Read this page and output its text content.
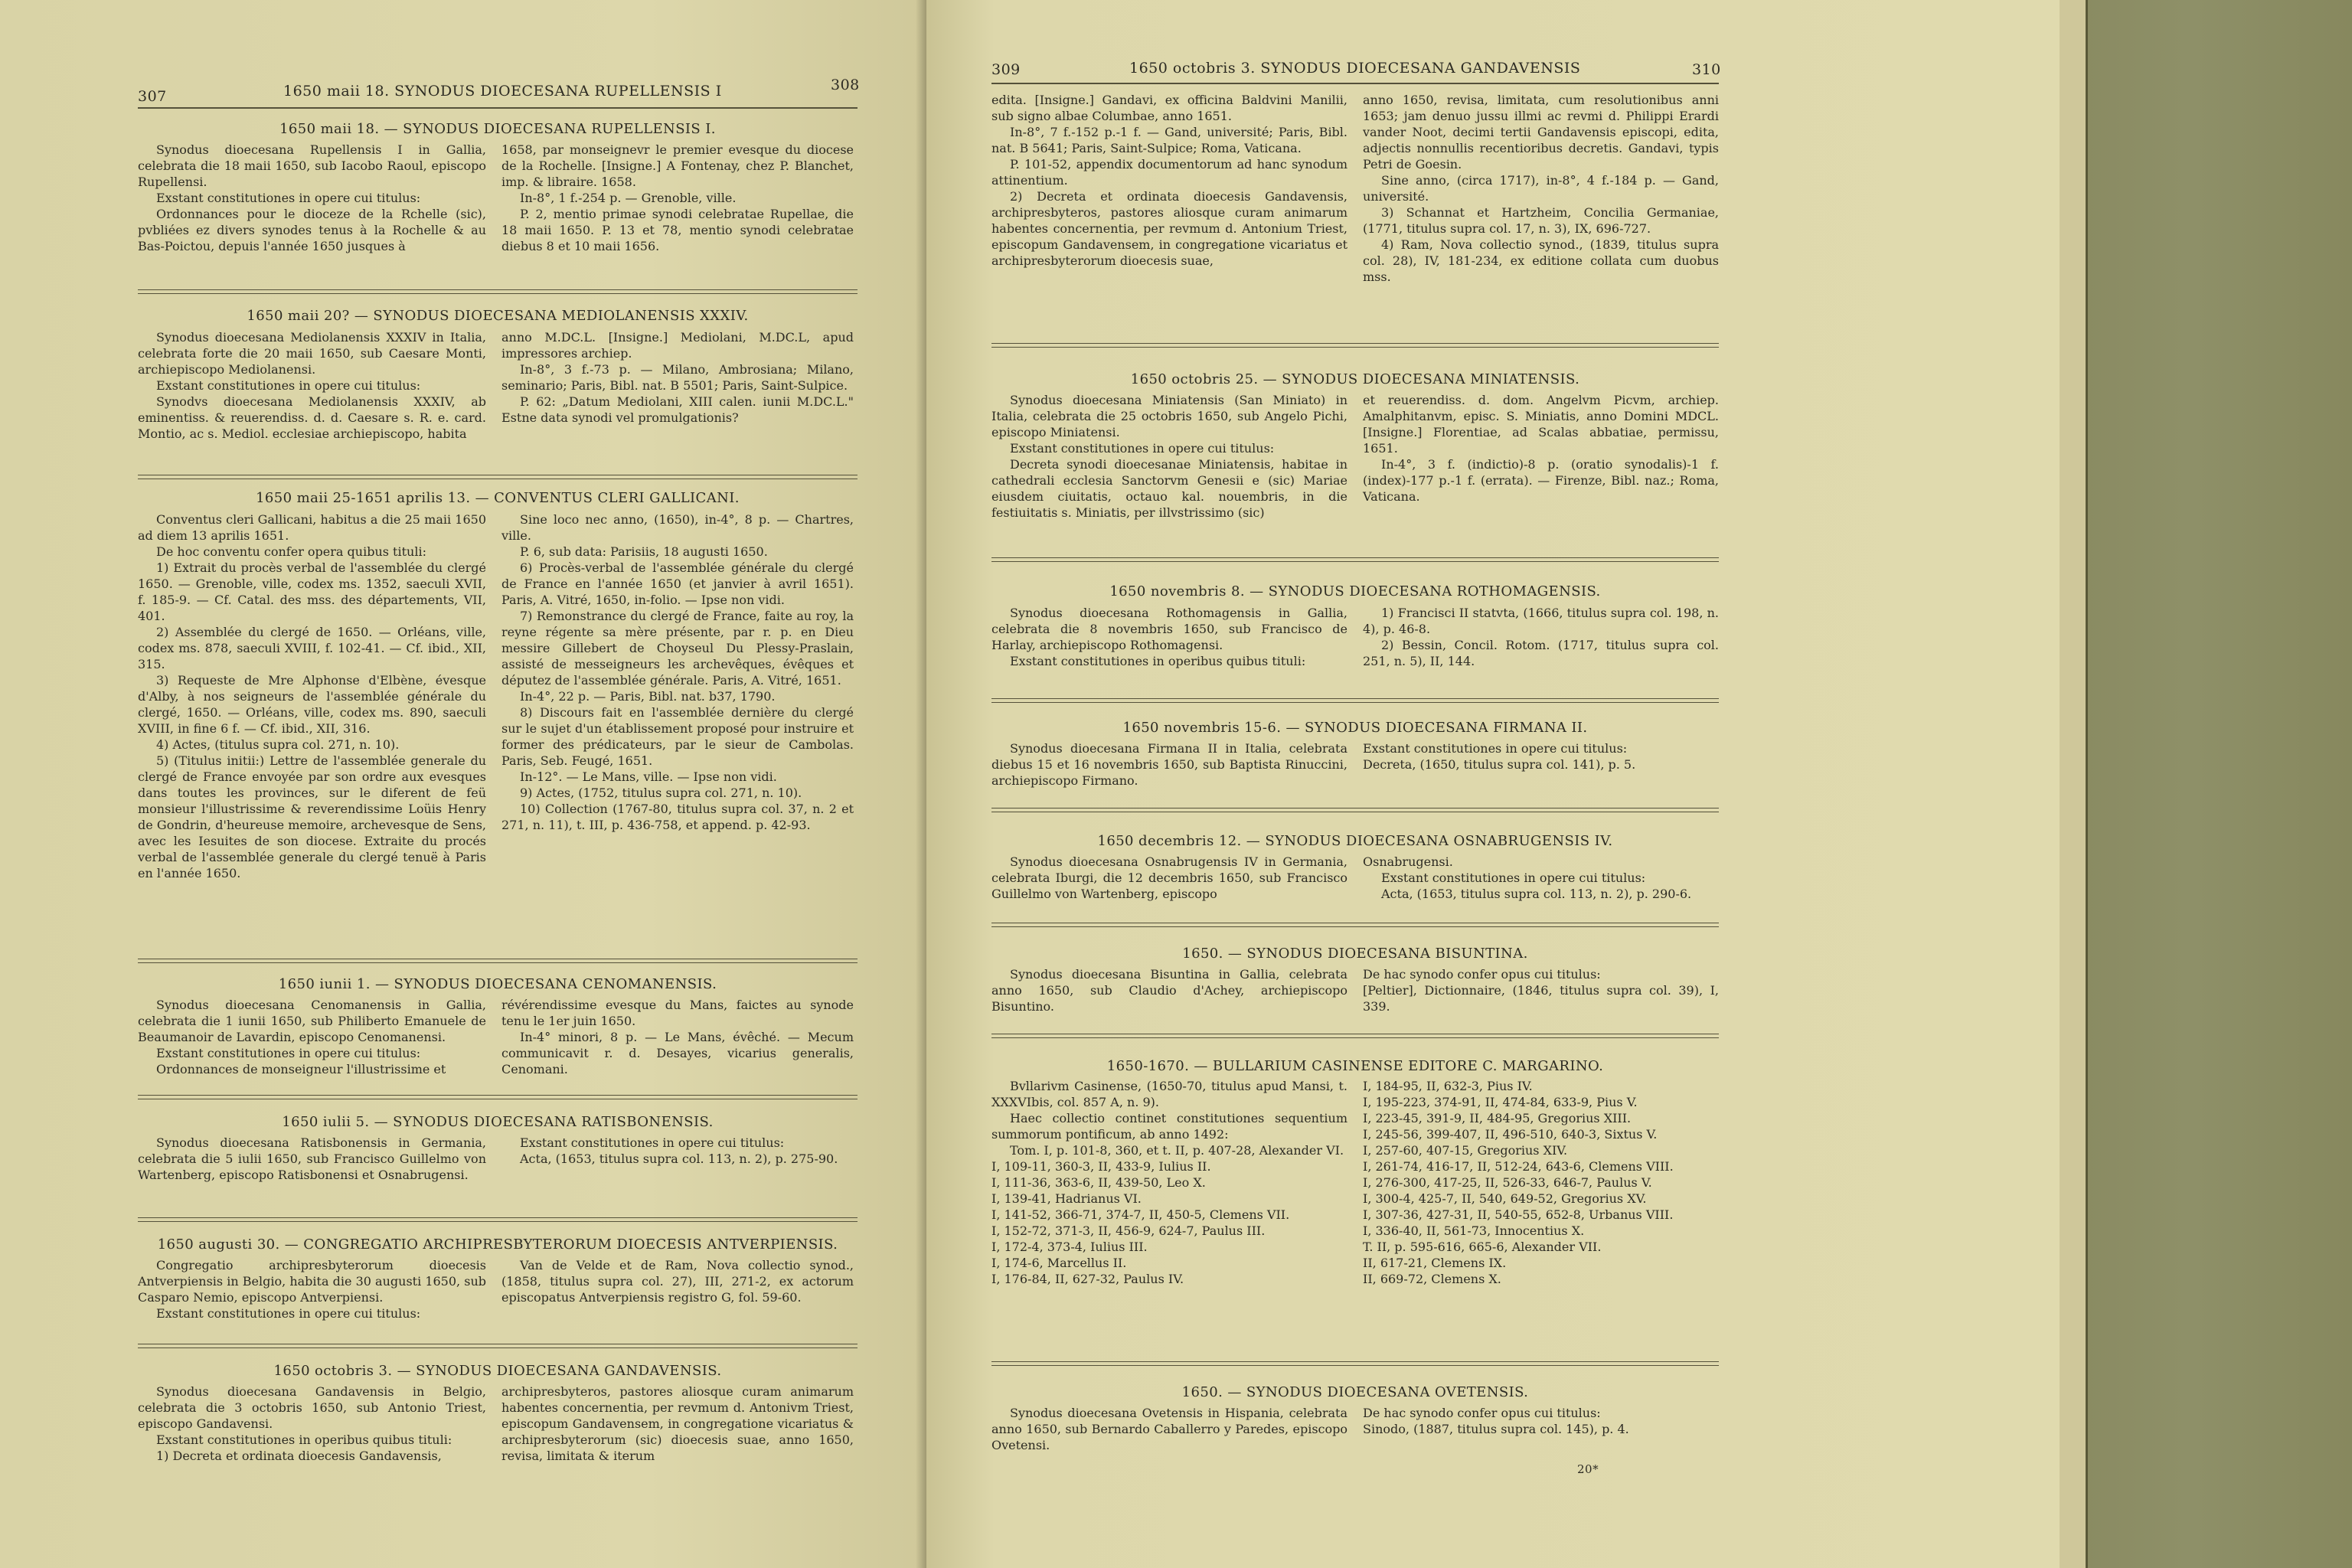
307	1650 maii 18. SYNODUS DIOECESANA RUPELLENSIS I	308
1650 maii 18. — SYNODUS DIOECESANA RUPELLENSIS I.

Synodus dioecesana Rupellensis I in Gallia, celebrata die 18 maii 1650, sub Iacobo Raoul, episcopo Rupellensi.

Exstant constitutiones in opere cui titulus:

Ordonnances pour le dioceze de la Rchelle (sic), pvbliées ez divers synodes tenus à la Rochelle & au Bas-Poictou, depuis l'année 1650 jusques à

1658, par monseignevr le premier evesque du diocese de la Rochelle. [Insigne.] A Fontenay, chez P. Blanchet, imp. & libraire. 1658.

In-8°, 1 f.-254 p. — Grenoble, ville.

P. 2, mentio primae synodi celebratae Rupellae, die 18 maii 1650. P. 13 et 78, mentio synodi celebratae diebus 8 et 10 maii 1656.

1650 maii 20? — SYNODUS DIOECESANA MEDIOLANENSIS XXXIV.

Synodus dioecesana Mediolanensis XXXIV in Italia, celebrata forte die 20 maii 1650, sub Caesare Monti, archiepiscopo Mediolanensi.

Exstant constitutiones in opere cui titulus:

Synodvs dioecesana Mediolanensis XXXIV, ab eminentiss. & reuerendiss. d. d. Caesare s. R. e. card. Montio, ac s. Mediol. ecclesiae archiepiscopo, habita

anno M.DC.L. [Insigne.] Mediolani, M.DC.L, apud impressores archiep.

In-8°, 3 f.-73 p. — Milano, Ambrosiana; Milano, seminario; Paris, Bibl. nat. B 5501; Paris, Saint-Sulpice.

P. 62: „Datum Mediolani, XIII calen. iunii M.DC.L." Estne data synodi vel promulgationis?

1650 maii 25-1651 aprilis 13. — CONVENTUS CLERI GALLICANI.

Conventus cleri Gallicani, habitus a die 25 maii 1650 ad diem 13 aprilis 1651.

De hoc conventu confer opera quibus tituli:

1) Extrait du procès verbal de l'assemblée du clergé 1650. — Grenoble, ville, codex ms. 1352, saeculi XVII, f. 185-9. — Cf. Catal. des mss. des départements, VII, 401.

2) Assemblée du clergé de 1650. — Orléans, ville, codex ms. 878, saeculi XVIII, f. 102-41. — Cf. ibid., XII, 315.

3) Requeste de Mre Alphonse d'Elbène, évesque d'Alby, à nos seigneurs de l'assemblée générale du clergé, 1650. — Orléans, ville, codex ms. 890, saeculi XVIII, in fine 6 f. — Cf. ibid., XII, 316.

4) Actes, (titulus supra col. 271, n. 10).

5) (Titulus initii:) Lettre de l'assemblée generale du clergé de France envoyée par son ordre aux evesques dans toutes les provinces, sur le diferent de feü monsieur l'illustrissime & reverendissime Loüis Henry de Gondrin, d'heureuse memoire, archevesque de Sens, avec les Iesuites de son diocese. Extraite du procés verbal de l'assemblée generale du clergé tenuë à Paris en l'année 1650.

Sine loco nec anno, (1650), in-4°, 8 p. — Chartres, ville.

P. 6, sub data: Parisiis, 18 augusti 1650.

6) Procès-verbal de l'assemblée générale du clergé de France en l'année 1650 (et janvier à avril 1651). Paris, A. Vitré, 1650, in-folio. — Ipse non vidi.

7) Remonstrance du clergé de France, faite au roy, la reyne régente sa mère présente, par r. p. en Dieu messire Gillebert de Choyseul Du Plessy-Praslain, assisté de messeigneurs les archevêques, évêques et députez de l'assemblée générale. Paris, A. Vitré, 1651.

In-4°, 22 p. — Paris, Bibl. nat. b37, 1790.

8) Discours fait en l'assemblée dernière du clergé sur le sujet d'un établissement proposé pour instruire et former des prédicateurs, par le sieur de Cambolas. Paris, Seb. Feugé, 1651.

In-12°. — Le Mans, ville. — Ipse non vidi.

9) Actes, (1752, titulus supra col. 271, n. 10).

10) Collection (1767-80, titulus supra col. 37, n. 2 et 271, n. 11), t. III, p. 436-758, et append. p. 42-93.

1650 iunii 1. — SYNODUS DIOECESANA CENOMANENSIS.

Synodus dioecesana Cenomanensis in Gallia, celebrata die 1 iunii 1650, sub Philiberto Emanuele de Beaumanoir de Lavardin, episcopo Cenomanensi.

Exstant constitutiones in opere cui titulus:

Ordonnances de monseigneur l'illustrissime et

révérendissime evesque du Mans, faictes au synode tenu le 1er juin 1650.

In-4° minori, 8 p. — Le Mans, évêché. — Mecum communicavit r. d. Desayes, vicarius generalis, Cenomani.

1650 iulii 5. — SYNODUS DIOECESANA RATISBONENSIS.

Synodus dioecesana Ratisbonensis in Germania, celebrata die 5 iulii 1650, sub Francisco Guillelmo von Wartenberg, episcopo Ratisbonensi et Osnabrugensi.

Exstant constitutiones in opere cui titulus:

Acta, (1653, titulus supra col. 113, n. 2), p. 275-90.

1650 augusti 30. — CONGREGATIO ARCHIPRESBYTERORUM DIOECESIS ANTVERPIENSIS.

Congregatio archipresbyterorum dioecesis Antverpiensis in Belgio, habita die 30 augusti 1650, sub Casparo Nemio, episcopo Antverpiensi.

Exstant constitutiones in opere cui titulus:

Van de Velde et de Ram, Nova collectio synod., (1858, titulus supra col. 27), III, 271-2, ex actorum episcopatus Antverpiensis registro G, fol. 59-60.

1650 octobris 3. — SYNODUS DIOECESANA GANDAVENSIS.

Synodus dioecesana Gandavensis in Belgio, celebrata die 3 octobris 1650, sub Antonio Triest, episcopo Gandavensi.

Exstant constitutiones in operibus quibus tituli:

1) Decreta et ordinata dioecesis Gandavensis,

archipresbyteros, pastores aliosque curam animarum habentes concernentia, per revmum d. Antonivm Triest, episcopum Gandavensem, in congregatione vicariatus & archipresbyterorum (sic) dioecesis suae, anno 1650, revisa, limitata & iterum

309	1650 octobris 3. SYNODUS DIOECESANA GANDAVENSIS	310

edita. [Insigne.] Gandavi, ex officina Baldvini Manilii, sub signo albae Columbae, anno 1651.

In-8°, 7 f.-152 p.-1 f. — Gand, université; Paris, Bibl. nat. B 5641; Paris, Saint-Sulpice; Roma, Vaticana.

P. 101-52, appendix documentorum ad hanc synodum attinentium.

2) Decreta et ordinata dioecesis Gandavensis, archipresbyteros, pastores aliosque curam animarum habentes concernentia, per revmum d. Antonium Triest, episcopum Gandavensem, in congregatione vicariatus et archipresbyterorum dioecesis suae,

anno 1650, revisa, limitata, cum resolutionibus anni 1653; jam denuo jussu illmi ac revmi d. Philippi Erardi vander Noot, decimi tertii Gandavensis episcopi, edita, adjectis nonnullis recentioribus decretis. Gandavi, typis Petri de Goesin.

Sine anno, (circa 1717), in-8°, 4 f.-184 p. — Gand, université.

3) Schannat et Hartzheim, Concilia Germaniae, (1771, titulus supra col. 17, n. 3), IX, 696-727.

4) Ram, Nova collectio synod., (1839, titulus supra col. 28), IV, 181-234, ex editione collata cum duobus mss.

1650 octobris 25. — SYNODUS DIOECESANA MINIATENSIS.

Synodus dioecesana Miniatensis (San Miniato) in Italia, celebrata die 25 octobris 1650, sub Angelo Pichi, episcopo Miniatensi.

Exstant constitutiones in opere cui titulus:

Decreta synodi dioecesanae Miniatensis, habitae in cathedrali ecclesia Sanctorvm Genesii e (sic) Mariae eiusdem ciuitatis, octauo kal. nouembris, in die festiuitatis s. Miniatis, per illvstrissimo (sic)

et reuerendiss. d. dom. Angelvm Picvm, archiep. Amalphitanvm, episc. S. Miniatis, anno Domini MDCL. [Insigne.] Florentiae, ad Scalas abbatiae, permissu, 1651.

In-4°, 3 f. (indictio)-8 p. (oratio synodalis)-1 f. (index)-177 p.-1 f. (errata). — Firenze, Bibl. naz.; Roma, Vaticana.

1650 novembris 8. — SYNODUS DIOECESANA ROTHOMAGENSIS.

Synodus dioecesana Rothomagensis in Gallia, celebrata die 8 novembris 1650, sub Francisco de Harlay, archiepiscopo Rothomagensi.

Exstant constitutiones in operibus quibus tituli:

1) Francisci II statvta, (1666, titulus supra col. 198, n. 4), p. 46-8.

2) Bessin, Concil. Rotom. (1717, titulus supra col. 251, n. 5), II, 144.

1650 novembris 15-6. — SYNODUS DIOECESANA FIRMANA II.

Synodus dioecesana Firmana II in Italia, celebrata diebus 15 et 16 novembris 1650, sub Baptista Rinuccini, archiepiscopo Firmano.

Exstant constitutiones in opere cui titulus:

Decreta, (1650, titulus supra col. 141), p. 5.

1650 decembris 12. — SYNODUS DIOECESANA OSNABRUGENSIS IV.

Synodus dioecesana Osnabrugensis IV in Germania, celebrata Iburgi, die 12 decembris 1650, sub Francisco Guillelmo von Wartenberg, episcopo

Osnabrugensi.

Exstant constitutiones in opere cui titulus:

Acta, (1653, titulus supra col. 113, n. 2), p. 290-6.

1650. — SYNODUS DIOECESANA BISUNTINA.

Synodus dioecesana Bisuntina in Gallia, celebrata anno 1650, sub Claudio d'Achey, archiepiscopo Bisuntino.

De hac synodo confer opus cui titulus:

[Peltier], Dictionnaire, (1846, titulus supra col. 39), I, 339.

1650-1670. — BULLARIUM CASINENSE EDITORE C. MARGARINO.

Bvllarivm Casinense, (1650-70, titulus apud Mansi, t. XXXVIbis, col. 857 A, n. 9).

Haec collectio continet constitutiones sequentium summorum pontificum, ab anno 1492:

Tom. I, p. 101-8, 360, et t. II, p. 407-28, Alexander VI.

I, 109-11, 360-3, II, 433-9, Iulius II.

I, 111-36, 363-6, II, 439-50, Leo X.

I, 139-41, Hadrianus VI.

I, 141-52, 366-71, 374-7, II, 450-5, Clemens VII.

I, 152-72, 371-3, II, 456-9, 624-7, Paulus III.

I, 172-4, 373-4, Iulius III.

I, 174-6, Marcellus II.

I, 176-84, II, 627-32, Paulus IV.

I, 184-95, II, 632-3, Pius IV.

I, 195-223, 374-91, II, 474-84, 633-9, Pius V.

I, 223-45, 391-9, II, 484-95, Gregorius XIII.

I, 245-56, 399-407, II, 496-510, 640-3, Sixtus V.

I, 257-60, 407-15, Gregorius XIV.

I, 261-74, 416-17, II, 512-24, 643-6, Clemens VIII.

I, 276-300, 417-25, II, 526-33, 646-7, Paulus V.

I, 300-4, 425-7, II, 540, 649-52, Gregorius XV.

I, 307-36, 427-31, II, 540-55, 652-8, Urbanus VIII.

I, 336-40, II, 561-73, Innocentius X.

T. II, p. 595-616, 665-6, Alexander VII.

II, 617-21, Clemens IX.

II, 669-72, Clemens X.

1650. — SYNODUS DIOECESANA OVETENSIS.

Synodus dioecesana Ovetensis in Hispania, celebrata anno 1650, sub Bernardo Caballerro y Paredes, episcopo Ovetensi.

De hac synodo confer opus cui titulus:

Sinodo, (1887, titulus supra col. 145), p. 4.

20*
